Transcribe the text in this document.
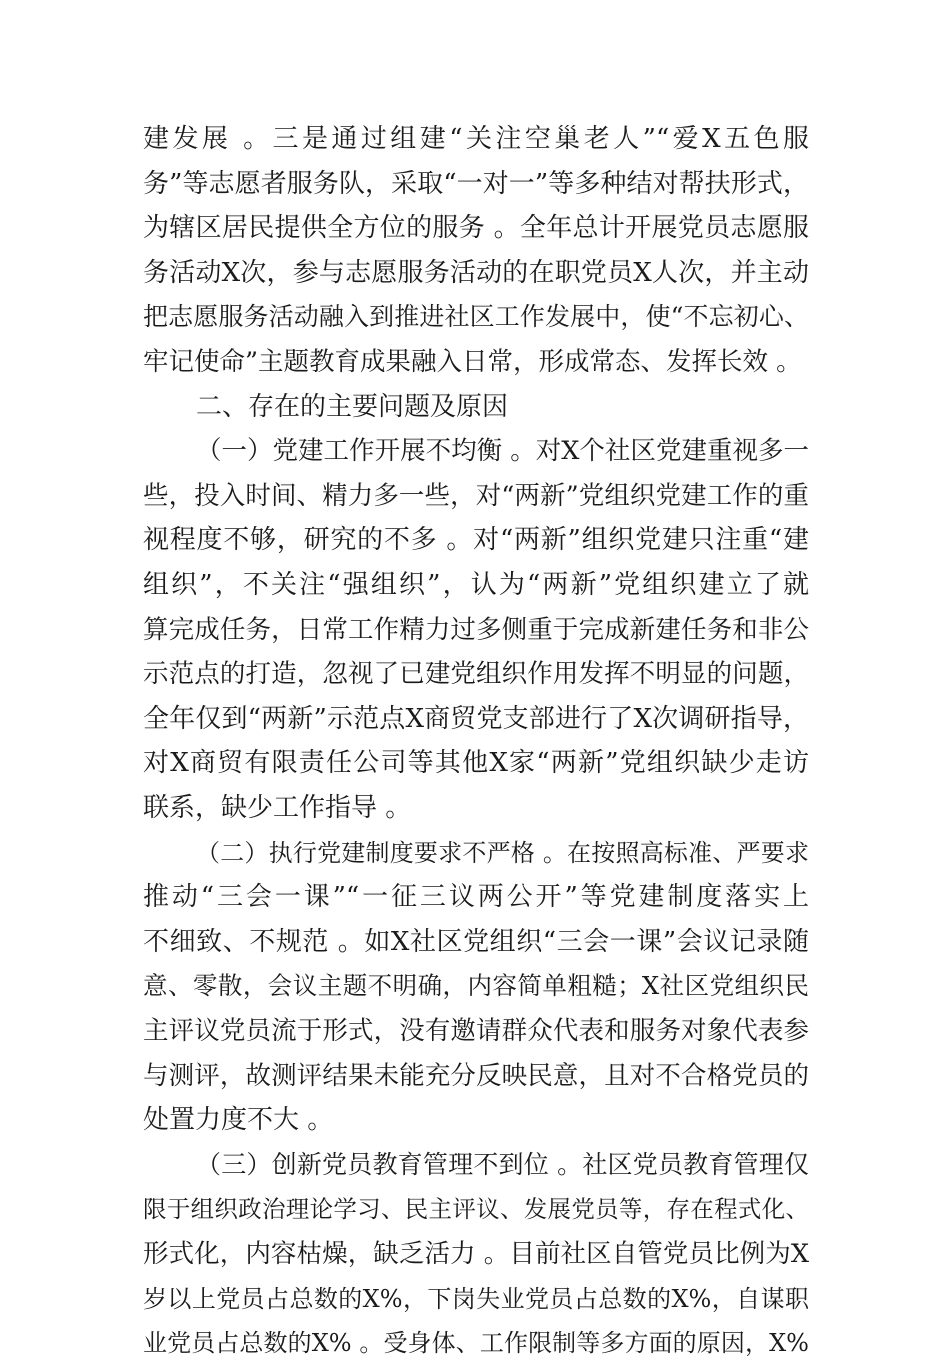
建发展 。三是通过组建“关注空巢老人”“爱X五色服
务”等志愿者服务队，采取“一对一”等多种结对帮扶形式，
为辖区居民提供全方位的服务 。全年总计开展党员志愿服
务活动X次，参与志愿服务活动的在职党员X人次，并主动
把志愿服务活动融入到推进社区工作发展中，使“不忘初心、
牢记使命”主题教育成果融入日常，形成常态、发挥长效 。
二、存在的主要问题及原因
（一）党建工作开展不均衡 。对X个社区党建重视多一
些，投入时间、精力多一些，对“两新”党组织党建工作的重
视程度不够，研究的不多 。对“两新”组织党建只注重“建
组织”，不关注“强组织”，认为“两新”党组织建立了就
算完成任务，日常工作精力过多侧重于完成新建任务和非公
示范点的打造，忽视了已建党组织作用发挥不明显的问题，
全年仅到“两新”示范点X商贸党支部进行了X次调研指导，
对X商贸有限责任公司等其他X家“两新”党组织缺少走访
联系，缺少工作指导 。
（二）执行党建制度要求不严格 。在按照高标准、严要求
推动“三会一课”“一征三议两公开”等党建制度落实上
不细致、不规范 。如X社区党组织“三会一课”会议记录随
意、零散，会议主题不明确，内容简单粗糙；X社区党组织民
主评议党员流于形式，没有邀请群众代表和服务对象代表参
与测评，故测评结果未能充分反映民意，且对不合格党员的
处置力度不大 。
（三）创新党员教育管理不到位 。社区党员教育管理仅
限于组织政治理论学习、民主评议、发展党员等，存在程式化、
形式化，内容枯燥，缺乏活力 。目前社区自管党员比例为X
岁以上党员占总数的X%，下岗失业党员占总数的X%，自谋职
业党员占总数的X% 。受身体、工作限制等多方面的原因，X%
